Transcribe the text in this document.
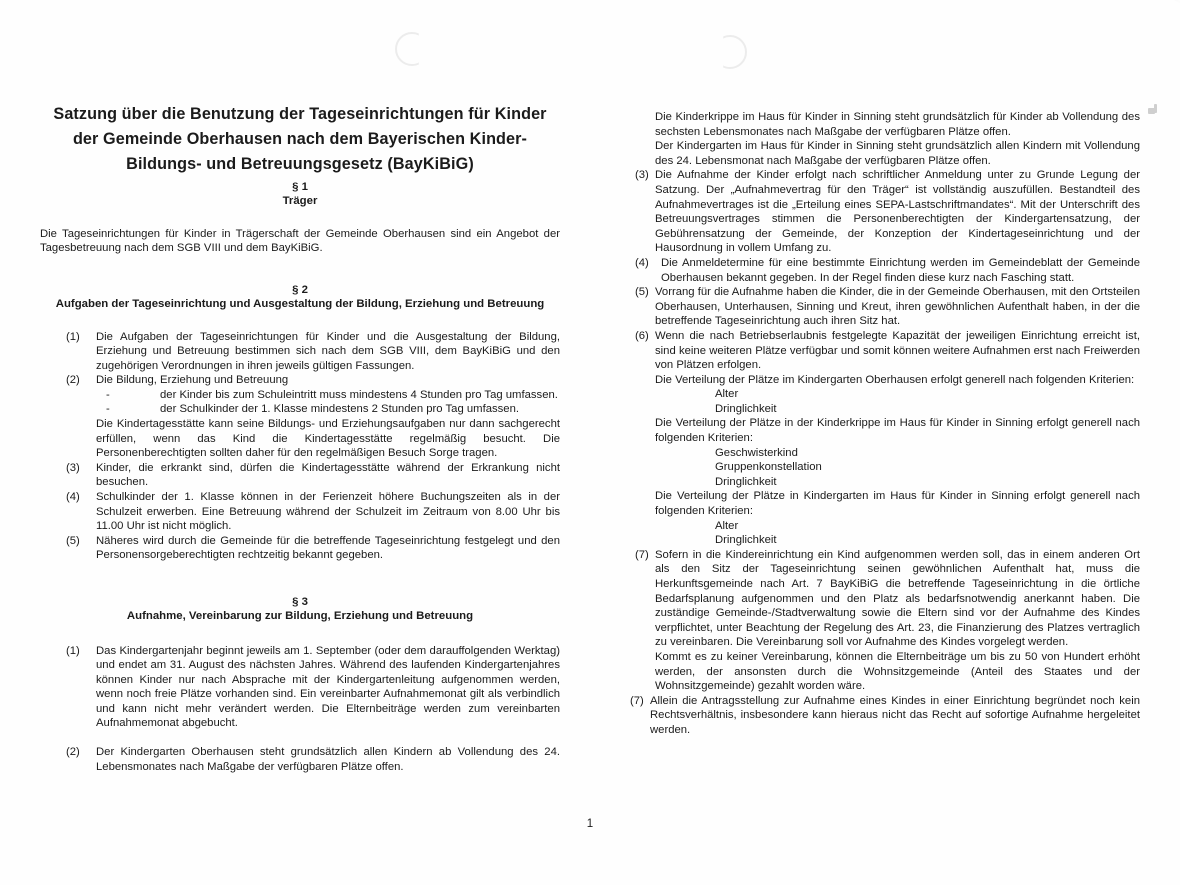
Satzung über die Benutzung der Tageseinrichtungen für Kinder der Gemeinde Oberhausen nach dem Bayerischen Kinder- Bildungs- und Betreuungsgesetz (BayKiBiG)
§ 1
Träger
Die Tageseinrichtungen für Kinder in Trägerschaft der Gemeinde Oberhausen sind ein Angebot der Tagesbetreuung nach dem SGB VIII und dem BayKiBiG.
§ 2
Aufgaben der Tageseinrichtung und Ausgestaltung der Bildung, Erziehung und Betreuung
(1)	Die Aufgaben der Tageseinrichtungen für Kinder und die Ausgestaltung der Bildung, Erziehung und Betreuung bestimmen sich nach dem SGB VIII, dem BayKiBiG und den zugehörigen Verordnungen in ihren jeweils gültigen Fassungen.
(2)	Die Bildung, Erziehung und Betreuung
-	der Kinder bis zum Schuleintritt muss mindestens 4 Stunden pro Tag umfassen.
-	der Schulkinder der 1. Klasse mindestens 2 Stunden pro Tag umfassen.
Die Kindertagesstätte kann seine Bildungs- und Erziehungsaufgaben nur dann sachgerecht erfüllen, wenn das Kind die Kindertagesstätte regelmäßig besucht. Die Personenberechtigten sollten daher für den regelmäßigen Besuch Sorge tragen.
(3)	Kinder, die erkrankt sind, dürfen die Kindertagesstätte während der Erkrankung nicht besuchen.
(4)	Schulkinder der 1. Klasse können in der Ferienzeit höhere Buchungszeiten als in der Schulzeit erwerben. Eine Betreuung während der Schulzeit im Zeitraum von 8.00 Uhr bis 11.00 Uhr ist nicht möglich.
(5)	Näheres wird durch die Gemeinde für die betreffende Tageseinrichtung festgelegt und den Personensorgeberechtigten rechtzeitig bekannt gegeben.
§ 3
Aufnahme, Vereinbarung zur Bildung, Erziehung und Betreuung
(1)	Das Kindergartenjahr beginnt jeweils am 1. September (oder dem darauffolgenden Werktag) und endet am 31. August des nächsten Jahres. Während des laufenden Kindergartenjahres können Kinder nur nach Absprache mit der Kindergartenleitung aufgenommen werden, wenn noch freie Plätze vorhanden sind. Ein vereinbarter Aufnahmemonat gilt als verbindlich und kann nicht mehr verändert werden. Die Elternbeiträge werden zum vereinbarten Aufnahmemonat abgebucht.
(2)	Der Kindergarten Oberhausen steht grundsätzlich allen Kindern ab Vollendung des 24. Lebensmonates nach Maßgabe der verfügbaren Plätze offen.
Die Kinderkrippe im Haus für Kinder in Sinning steht grundsätzlich für Kinder ab Vollendung des sechsten Lebensmonates nach Maßgabe der verfügbaren Plätze offen.
Der Kindergarten im Haus für Kinder in Sinning steht grundsätzlich allen Kindern mit Vollendung des 24. Lebensmonat nach Maßgabe der verfügbaren Plätze offen.
(3) Die Aufnahme der Kinder erfolgt nach schriftlicher Anmeldung unter zu Grunde Legung der Satzung. Der „Aufnahmevertrag für den Träger“ ist vollständig auszufüllen. Bestandteil des Aufnahmevertrages ist die „Erteilung eines SEPA-Lastschriftmandates“. Mit der Unterschrift des Betreuungsvertrages stimmen die Personenberechtigten der Kindergartensatzung, der Gebührensatzung der Gemeinde, der Konzeption der Kindertageseinrichtung und der Hausordnung in vollem Umfang zu.
(4)	Die Anmeldetermine für eine bestimmte Einrichtung werden im Gemeindeblatt der Gemeinde Oberhausen bekannt gegeben. In der Regel finden diese kurz nach Fasching statt.
(5) Vorrang für die Aufnahme haben die Kinder, die in der Gemeinde Oberhausen, mit den Ortsteilen Oberhausen, Unterhausen, Sinning und Kreut, ihren gewöhnlichen Aufenthalt haben, in der die betreffende Tageseinrichtung auch ihren Sitz hat.
(6) Wenn die nach Betriebserlaubnis festgelegte Kapazität der jeweiligen Einrichtung erreicht ist, sind keine weiteren Plätze verfügbar und somit können weitere Aufnahmen erst nach Freiwerden von Plätzen erfolgen.
Die Verteilung der Plätze im Kindergarten Oberhausen erfolgt generell nach folgenden Kriterien:
Alter
Dringlichkeit
Die Verteilung der Plätze in der Kinderkrippe im Haus für Kinder in Sinning erfolgt generell nach folgenden Kriterien:
Geschwisterkind
Gruppenkonstellation
Dringlichkeit
Die Verteilung der Plätze in Kindergarten im Haus für Kinder in Sinning erfolgt generell nach folgenden Kriterien:
Alter
Dringlichkeit
(7) Sofern in die Kindereinrichtung ein Kind aufgenommen werden soll, das in einem anderen Ort als den Sitz der Tageseinrichtung seinen gewöhnlichen Aufenthalt hat, muss die Herkunftsgemeinde nach Art. 7 BayKiBiG die betreffende Tageseinrichtung in die örtliche Bedarfsplanung aufgenommen und den Platz als bedarfsnotwendig anerkannt haben. Die zuständige Gemeinde-/Stadtverwaltung sowie die Eltern sind vor der Aufnahme des Kindes verpflichtet, unter Beachtung der Regelung des Art. 23, die Finanzierung des Platzes vertraglich zu vereinbaren. Die Vereinbarung soll vor Aufnahme des Kindes vorgelegt werden.
Kommt es zu keiner Vereinbarung, können die Elternbeiträge um bis zu 50 von Hundert erhöht werden, der ansonsten durch die Wohnsitzgemeinde (Anteil des Staates und der Wohnsitzgemeinde) gezahlt worden wäre.
(7) Allein die Antragsstellung zur Aufnahme eines Kindes in einer Einrichtung begründet noch kein Rechtsverhältnis, insbesondere kann hieraus nicht das Recht auf sofortige Aufnahme hergeleitet werden.
1
